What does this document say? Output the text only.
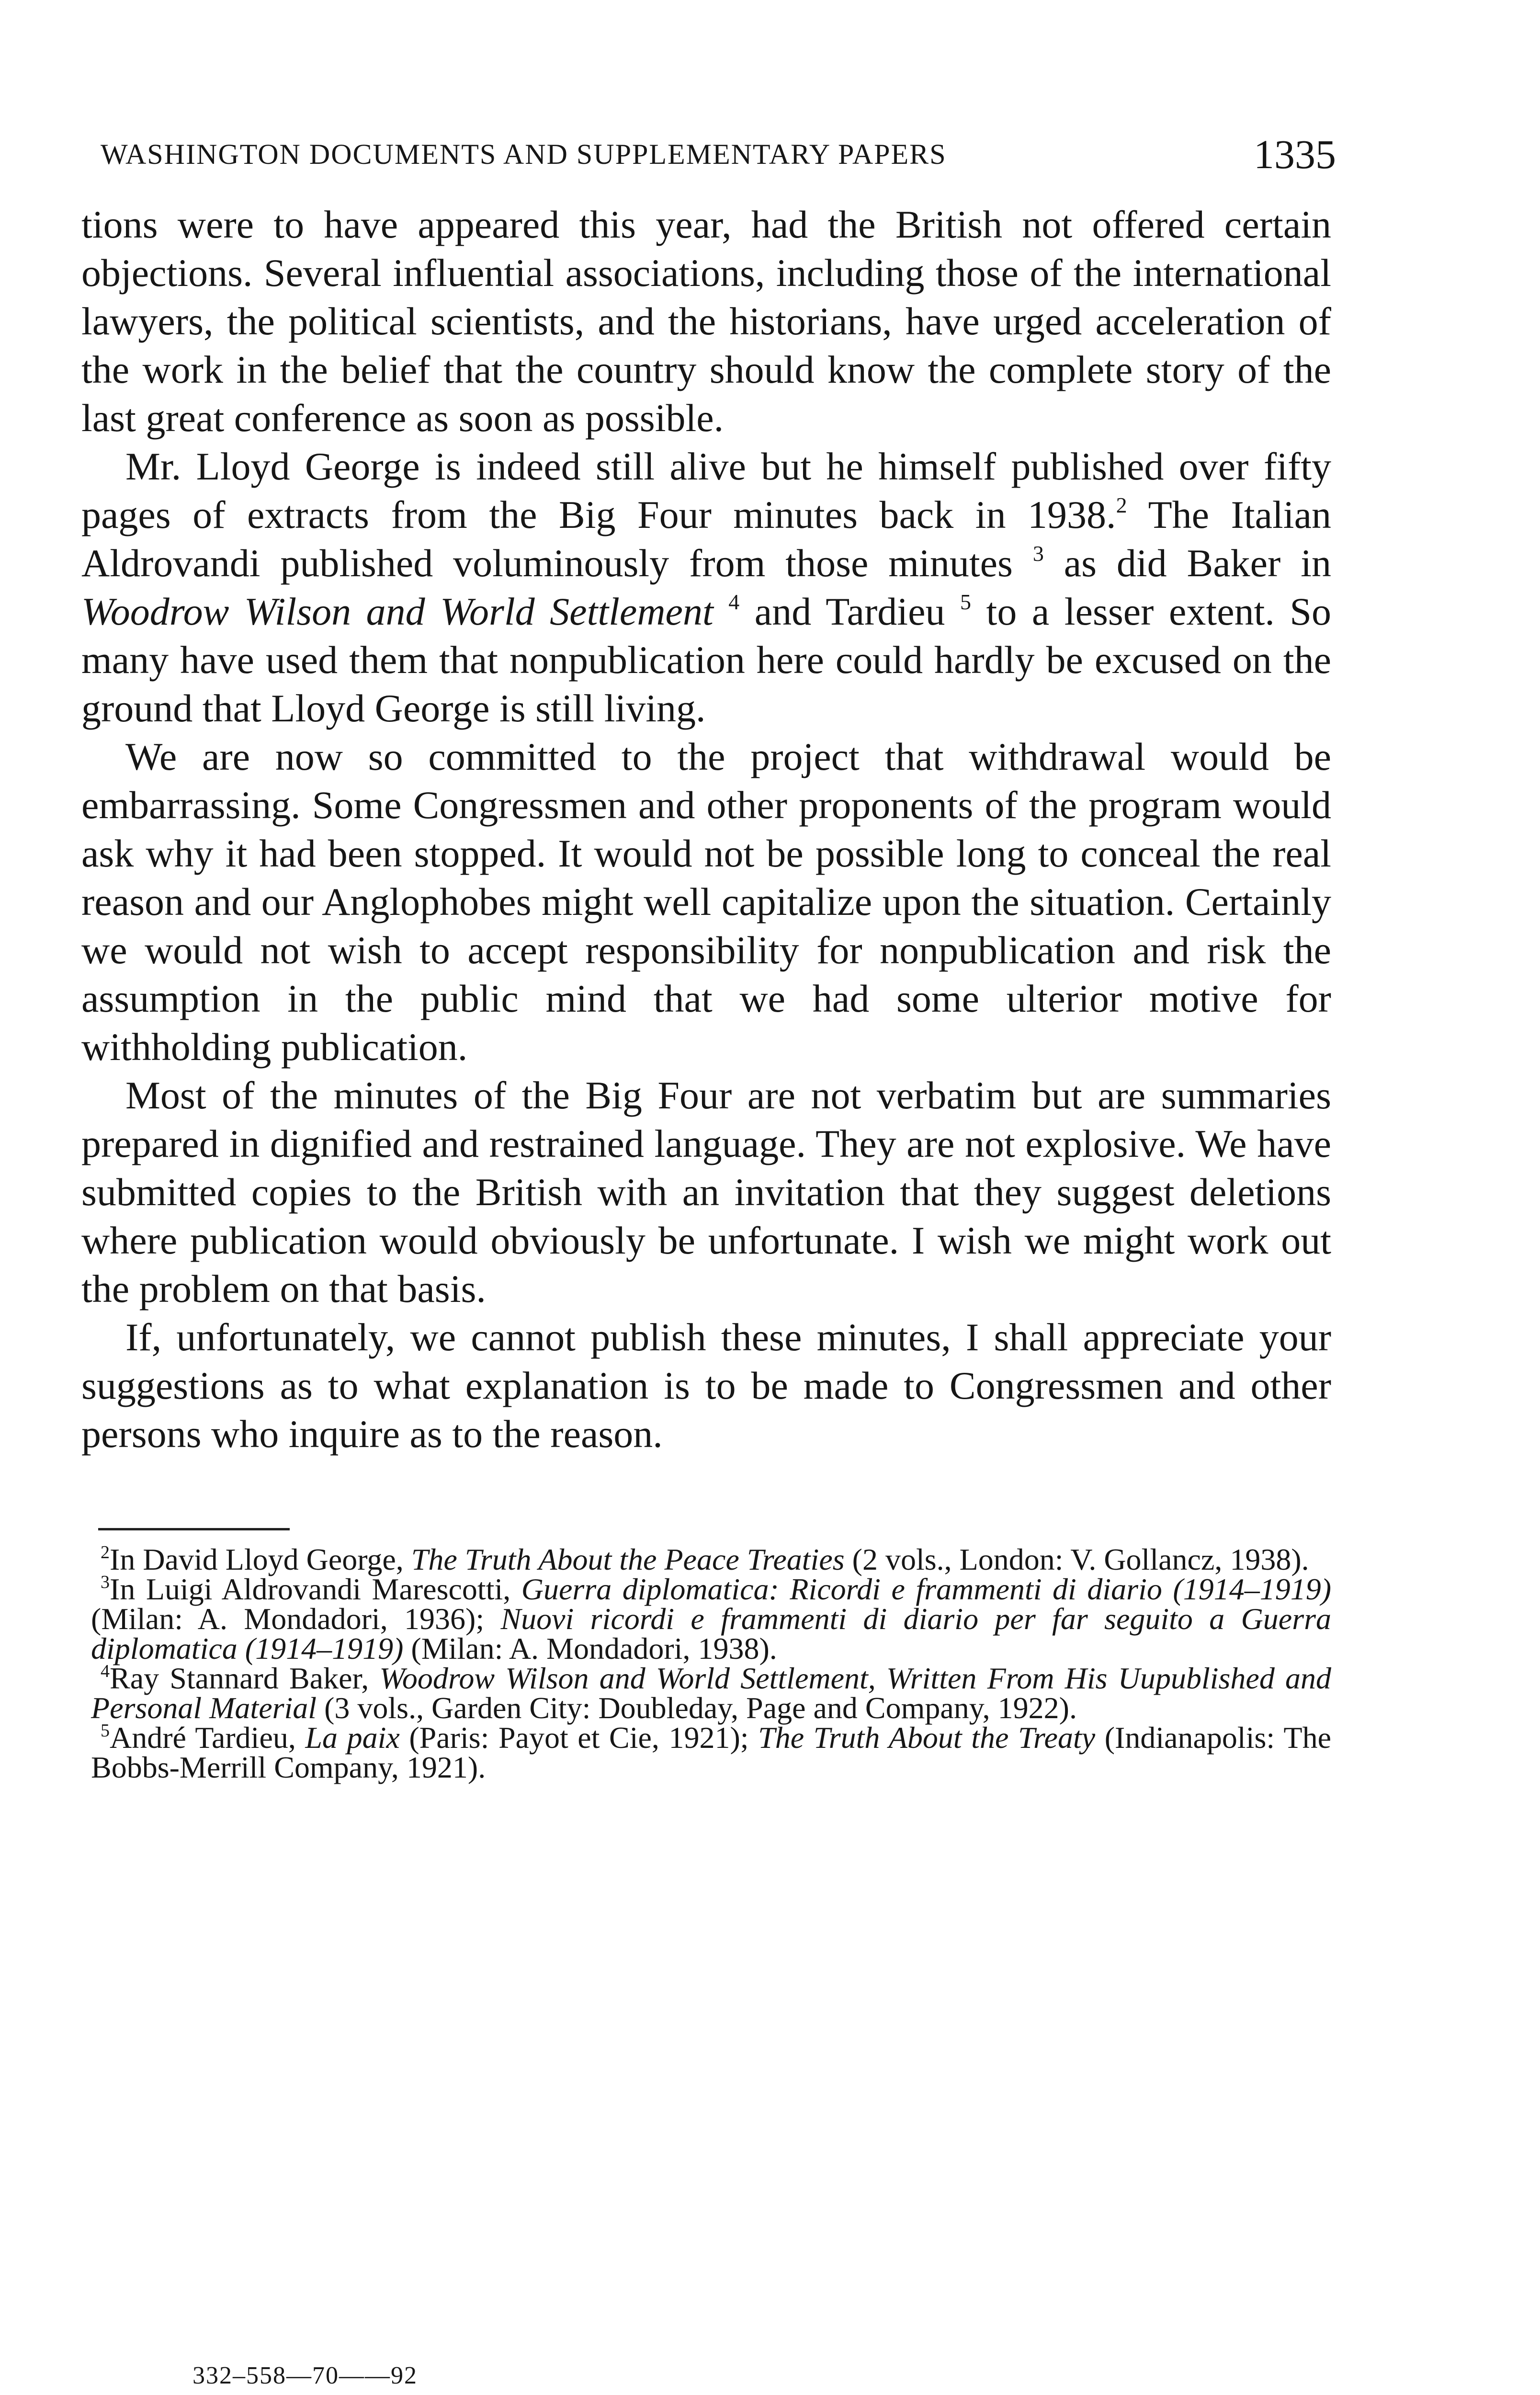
WASHINGTON DOCUMENTS AND SUPPLEMENTARY PAPERS	1335

tions were to have appeared this year, had the British not offered certain objections. Several influential associations, including those of the international lawyers, the political scientists, and the historians, have urged acceleration of the work in the belief that the country should know the complete story of the last great conference as soon as possible.

Mr. Lloyd George is indeed still alive but he himself published over fifty pages of extracts from the Big Four minutes back in 1938.$^2$ The Italian Aldrovandi published voluminously from those minutes $^3$ as did Baker in Woodrow Wilson and World Settlement $^4$ and Tardieu $^5$ to a lesser extent. So many have used them that nonpublication here could hardly be excused on the ground that Lloyd George is still living.

We are now so committed to the project that withdrawal would be embarrassing. Some Congressmen and other proponents of the program would ask why it had been stopped. It would not be possible long to conceal the real reason and our Anglophobes might well capitalize upon the situation. Certainly we would not wish to accept responsibility for nonpublication and risk the assumption in the public mind that we had some ulterior motive for withholding publication.

Most of the minutes of the Big Four are not verbatim but are summaries prepared in dignified and restrained language. They are not explosive. We have submitted copies to the British with an invitation that they suggest deletions where publication would obviously be unfortunate. I wish we might work out the problem on that basis.

If, unfortunately, we cannot publish these minutes, I shall appreciate your suggestions as to what explanation is to be made to Congressmen and other persons who inquire as to the reason.

$^2$In David Lloyd George, The Truth About the Peace Treaties (2 vols., London: V. Gollancz, 1938).

$^3$In Luigi Aldrovandi Marescotti, Guerra diplomatica: Ricordi e frammenti di diario (1914–1919) (Milan: A. Mondadori, 1936); Nuovi ricordi e frammenti di diario per far seguito a Guerra diplomatica (1914–1919) (Milan: A. Mondadori, 1938).

$^4$Ray Stannard Baker, Woodrow Wilson and World Settlement, Written From His Uupublished and Personal Material (3 vols., Garden City: Doubleday, Page and Company, 1922).

$^5$André Tardieu, La paix (Paris: Payot et Cie, 1921); The Truth About the Treaty (Indianapolis: The Bobbs-Merrill Company, 1921).

332–558—70——92
